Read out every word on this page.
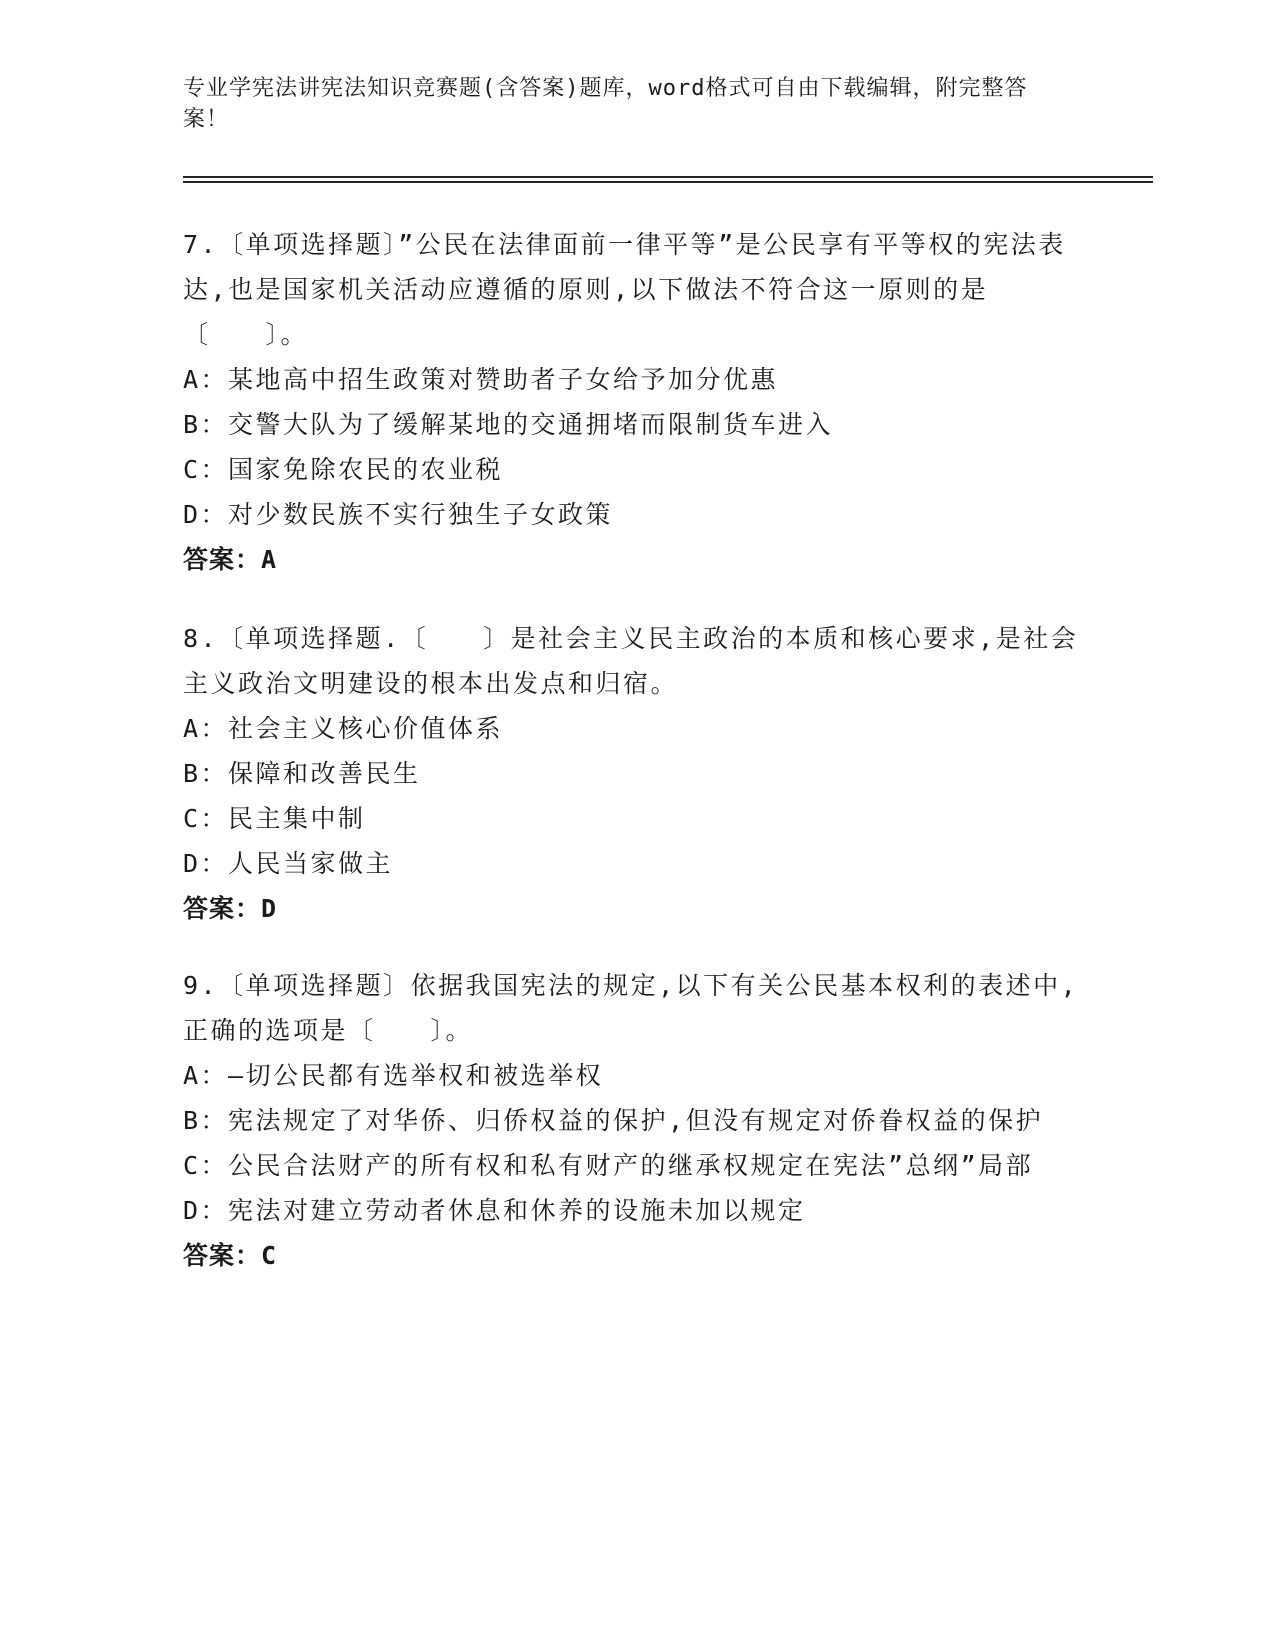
专业学宪法讲宪法知识竞赛题(含答案)题库，word格式可自由下载编辑，附完整答案！

7.〔单项选择题〕”公民在法律面前一律平等”是公民享有平等权的宪法表达,也是国家机关活动应遵循的原则,以下做法不符合这一原则的是〔　　〕。

A：某地高中招生政策对赞助者子女给予加分优惠

B：交警大队为了缓解某地的交通拥堵而限制货车进入

C：国家免除农民的农业税

D：对少数民族不实行独生子女政策

答案：A

8.〔单项选择题.〔　　〕是社会主义民主政治的本质和核心要求,是社会主义政治文明建设的根本出发点和归宿。

A：社会主义核心价值体系

B：保障和改善民生

C：民主集中制

D：人民当家做主

答案：D

9.〔单项选择题〕依据我国宪法的规定,以下有关公民基本权利的表述中,正确的选项是〔　　〕。

A：—切公民都有选举权和被选举权

B：宪法规定了对华侨、归侨权益的保护,但没有规定对侨眷权益的保护

C：公民合法财产的所有权和私有财产的继承权规定在宪法”总纲”局部

D：宪法对建立劳动者休息和休养的设施未加以规定

答案：C
